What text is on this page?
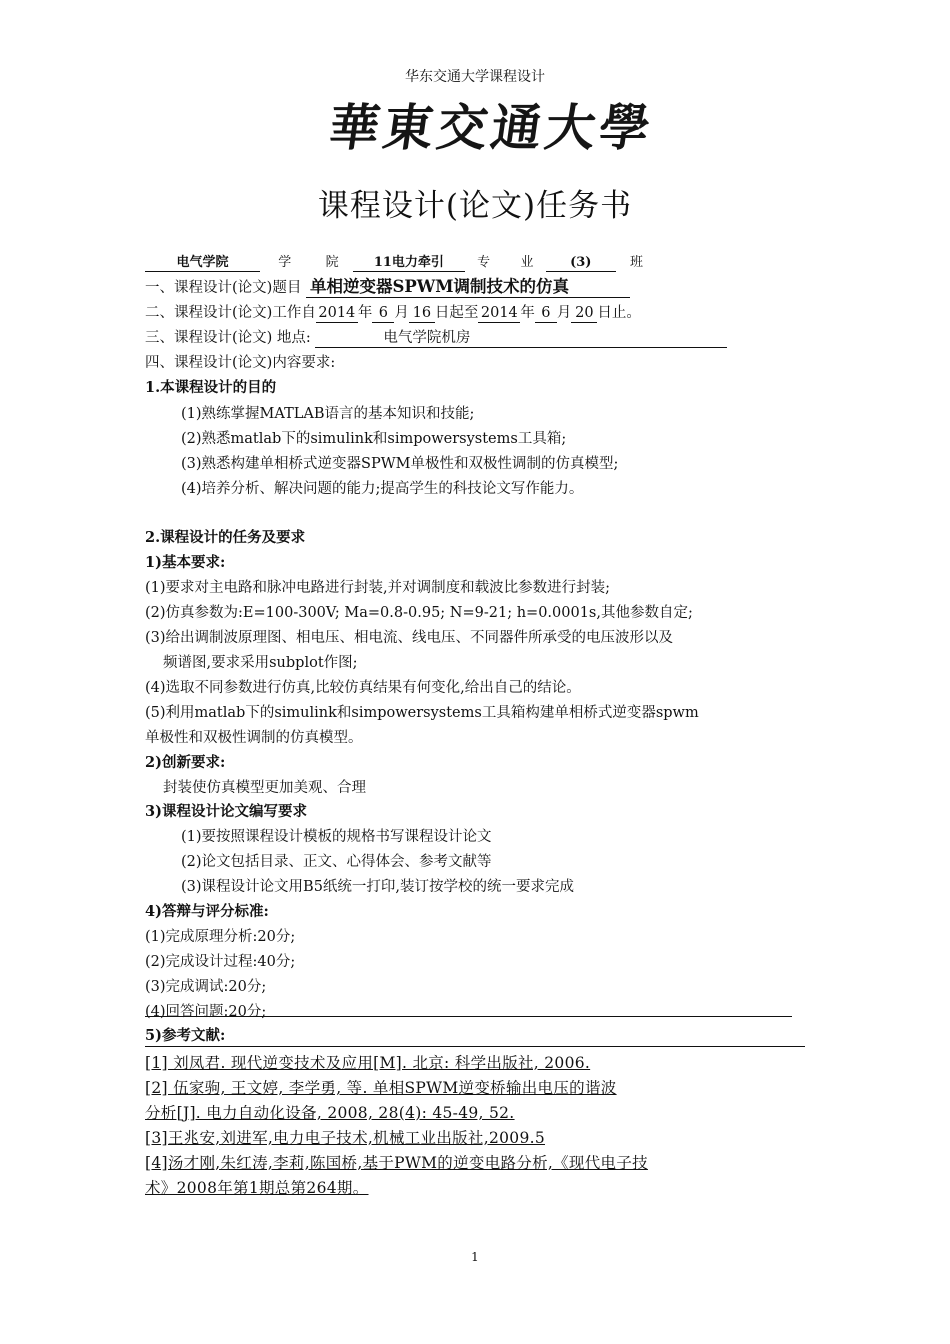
华东交通大学课程设计
華東交通大學
课程设计(论文)任务书
电气学院	学	院	11电力牵引	专 业	(3)	班
一、课程设计(论文)题目 单相逆变器SPWM调制技术的仿真
二、课程设计(论文)工作自 2014 年 6 月 16 日起至 2014 年 6 月 20 日止。
三、课程设计(论文) 地点:	电气学院机房
四、课程设计(论文)内容要求:
1.本课程设计的目的
(1)熟练掌握MATLAB语言的基本知识和技能;
(2)熟悉matlab下的simulink和simpowersystems工具箱;
(3)熟悉构建单相桥式逆变器SPWM单极性和双极性调制的仿真模型;
(4)培养分析、解决问题的能力;提高学生的科技论文写作能力。
2.课程设计的任务及要求
1)基本要求:
(1)要求对主电路和脉冲电路进行封装,并对调制度和载波比参数进行封装;
(2)仿真参数为:E=100-300V; Ma=0.8-0.95; N=9-21; h=0.0001s,其他参数自定;
(3)给出调制波原理图、相电压、相电流、线电压、不同器件所承受的电压波形以及
频谱图,要求采用subplot作图;
(4)选取不同参数进行仿真,比较仿真结果有何变化,给出自己的结论。
(5)利用matlab下的simulink和simpowersystems工具箱构建单相桥式逆变器spwm
单极性和双极性调制的仿真模型。
2)创新要求:
封装使仿真模型更加美观、合理
3)课程设计论文编写要求
(1)要按照课程设计模板的规格书写课程设计论文
(2)论文包括目录、正文、心得体会、参考文献等
(3)课程设计论文用B5纸统一打印,装订按学校的统一要求完成
4)答辩与评分标准:
(1)完成原理分析:20分;
(2)完成设计过程:40分;
(3)完成调试:20分;
(4)回答问题:20分;
5)参考文献:
[1] 刘凤君. 现代逆变技术及应用[M]. 北京: 科学出版社, 2006.
[2] 伍家驹, 王文婷, 李学勇, 等. 单相SPWM逆变桥输出电压的谐波
分析[J]. 电力自动化设备, 2008, 28(4): 45-49, 52.
[3]王兆安,刘进军,电力电子技术,机械工业出版社,2009.5
[4]汤才刚,朱红涛,李莉,陈国桥,基于PWM的逆变电路分析,《现代电子技
术》2008年第1期总第264期。
1
